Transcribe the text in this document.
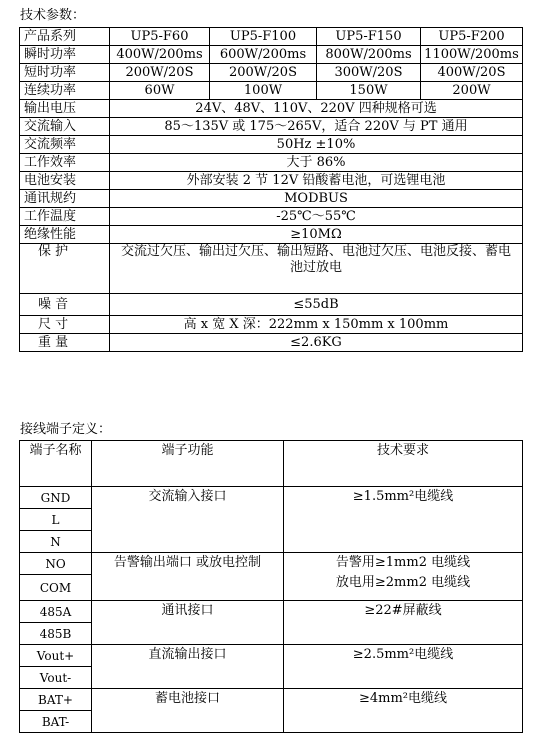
技术参数：
产品系列	UP5-F60	UP5-F100	UP5-F150	UP5-F200
瞬时功率	400W/200ms	600W/200ms	800W/200ms	1100W/200ms
短时功率	200W/20S	200W/20S	300W/20S	400W/20S
连续功率	60W	100W	150W	200W
输出电压	24V、48V、110V、220V 四种规格可选			
交流输入	85～135V 或 175～265V，适合 220V 与 PT 通用			
交流频率	50Hz ±10%			
工作效率	大于 86%			
电池安装	外部安装 2 节 12V 铅酸蓄电池，可选锂电池			
通讯规约	MODBUS			
工作温度	-25℃～55℃			
绝缘性能	≥10MΩ			
保 护	交流过欠压、输出过欠压、输出短路、电池过欠压、电池反接、蓄电池过放电			
噪 音	≤55dB			
尺 寸	高 x 宽 X 深：222mm x 150mm x 100mm			
重 量	≤2.6KG			
接线端子定义：
端子名称	端子功能	技术要求
GND	交流输入接口	≥1.5mm²电缆线
L		
N		
NO	告警输出端口 或放电控制	告警用≥1mm2 电缆线
放电用≥2mm2 电缆线

COM		
485A	通讯接口	≥22#屏蔽线
485B		
Vout+	直流输出接口	≥2.5mm²电缆线
Vout-		
BAT+	蓄电池接口	≥4mm²电缆线
BAT-		
